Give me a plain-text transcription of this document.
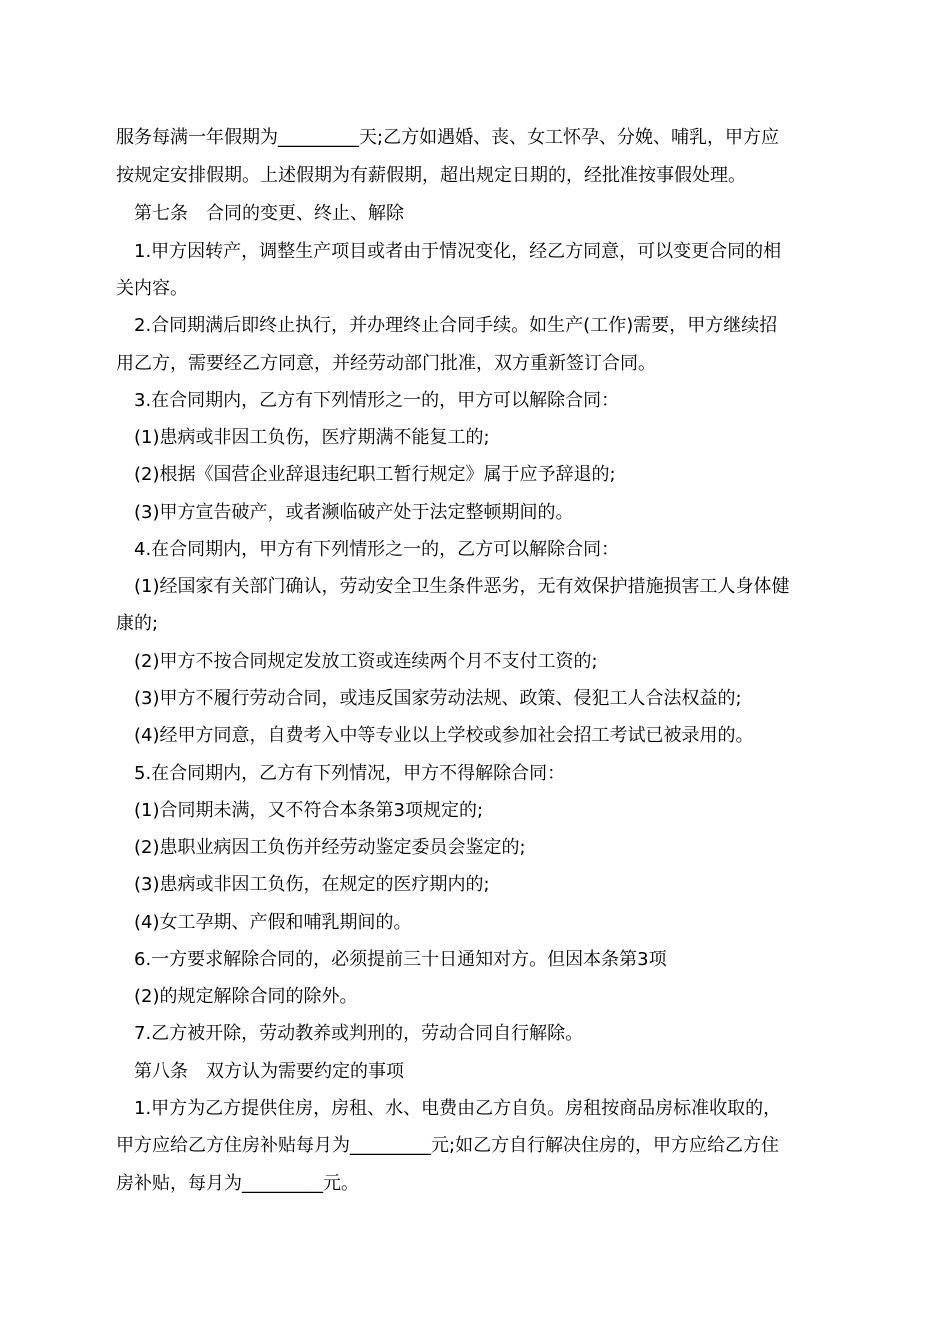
服务每满一年假期为_________天;乙方如遇婚、丧、女工怀孕、分娩、哺乳，甲方应
按规定安排假期。上述假期为有薪假期，超出规定日期的，经批准按事假处理。
第七条　合同的变更、终止、解除
1.甲方因转产，调整生产项目或者由于情况变化，经乙方同意，可以变更合同的相
关内容。
2.合同期满后即终止执行，并办理终止合同手续。如生产(工作)需要，甲方继续招
用乙方，需要经乙方同意，并经劳动部门批准，双方重新签订合同。
3.在合同期内，乙方有下列情形之一的，甲方可以解除合同：
(1)患病或非因工负伤，医疗期满不能复工的;
(2)根据《国营企业辞退违纪职工暂行规定》属于应予辞退的;
(3)甲方宣告破产，或者濒临破产处于法定整顿期间的。
4.在合同期内，甲方有下列情形之一的，乙方可以解除合同：
(1)经国家有关部门确认，劳动安全卫生条件恶劣，无有效保护措施损害工人身体健
康的;
(2)甲方不按合同规定发放工资或连续两个月不支付工资的;
(3)甲方不履行劳动合同，或违反国家劳动法规、政策、侵犯工人合法权益的;
(4)经甲方同意，自费考入中等专业以上学校或参加社会招工考试已被录用的。
5.在合同期内，乙方有下列情况，甲方不得解除合同：
(1)合同期未满，又不符合本条第3项规定的;
(2)患职业病因工负伤并经劳动鉴定委员会鉴定的;
(3)患病或非因工负伤，在规定的医疗期内的;
(4)女工孕期、产假和哺乳期间的。
6.一方要求解除合同的，必须提前三十日通知对方。但因本条第3项
(2)的规定解除合同的除外。
7.乙方被开除，劳动教养或判刑的，劳动合同自行解除。
第八条　双方认为需要约定的事项
1.甲方为乙方提供住房，房租、水、电费由乙方自负。房租按商品房标准收取的，
甲方应给乙方住房补贴每月为_________元;如乙方自行解决住房的，甲方应给乙方住
房补贴，每月为_________元。
